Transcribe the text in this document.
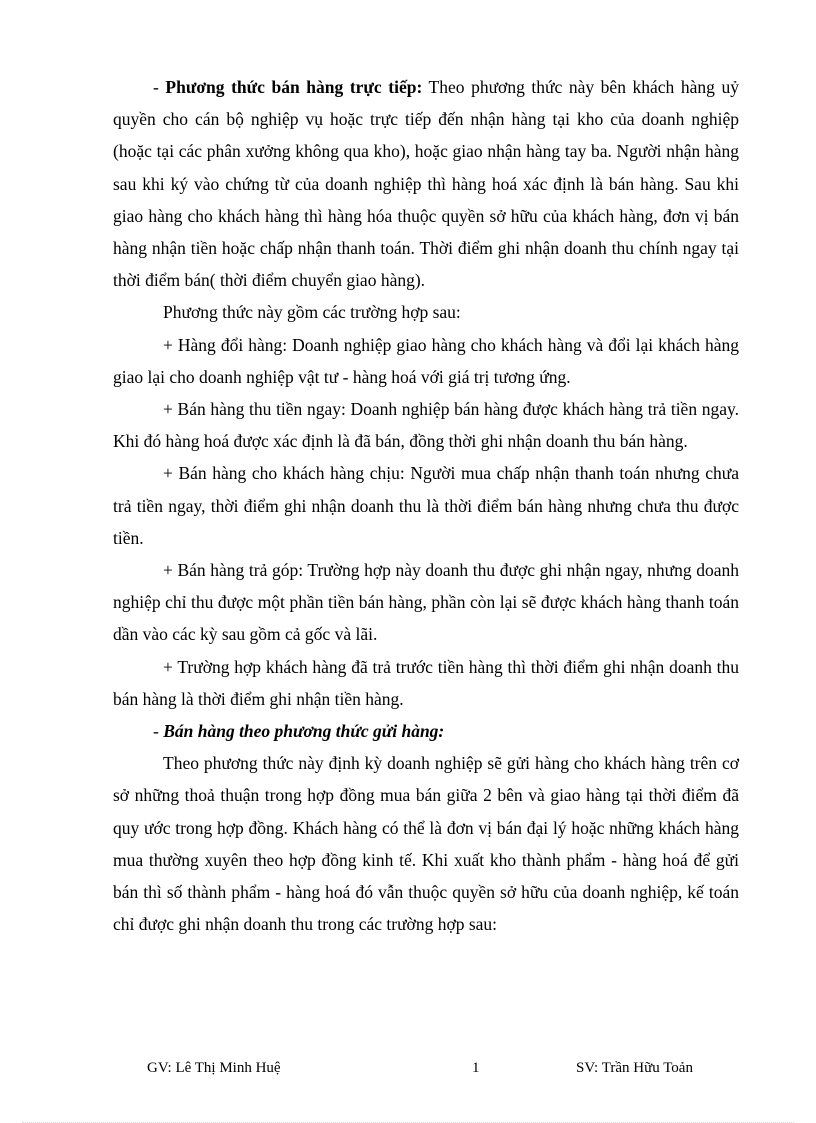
- Phương thức bán hàng trực tiếp: Theo phương thức này bên khách hàng uỷ quyền cho cán bộ nghiệp vụ hoặc trực tiếp đến nhận hàng tại kho của doanh nghiệp (hoặc tại các phân xưởng không qua kho), hoặc giao nhận hàng tay ba. Người nhận hàng sau khi ký vào chứng từ của doanh nghiệp thì hàng hoá xác định là bán hàng. Sau khi giao hàng cho khách hàng thì hàng hóa thuộc quyền sở hữu của khách hàng, đơn vị bán hàng nhận tiền hoặc chấp nhận thanh toán. Thời điểm ghi nhận doanh thu chính ngay tại thời điểm bán( thời điểm chuyển giao hàng).

Phương thức này gồm các trường hợp sau:

+ Hàng đổi hàng: Doanh nghiệp giao hàng cho khách hàng và đổi lại khách hàng giao lại cho doanh nghiệp vật tư - hàng hoá với giá trị tương ứng.

+ Bán hàng thu tiền ngay: Doanh nghiệp bán hàng được khách hàng trả tiền ngay. Khi đó hàng hoá được xác định là đã bán, đồng thời ghi nhận doanh thu bán hàng.

+ Bán hàng cho khách hàng chịu: Người mua chấp nhận thanh toán nhưng chưa trả tiền ngay, thời điểm ghi nhận doanh thu là thời điểm bán hàng nhưng chưa thu được tiền.

+ Bán hàng trả góp: Trường hợp này doanh thu được ghi nhận ngay, nhưng doanh nghiệp chỉ thu được một phần tiền bán hàng, phần còn lại sẽ được khách hàng thanh toán dần vào các kỳ sau gồm cả gốc và lãi.

+ Trường hợp khách hàng đã trả trước tiền hàng thì thời điểm ghi nhận doanh thu bán hàng là thời điểm ghi nhận tiền hàng.

- Bán hàng theo phương thức gửi hàng:

Theo phương thức này định kỳ doanh nghiệp sẽ gửi hàng cho khách hàng trên cơ sở những thoả thuận trong hợp đồng mua bán giữa 2 bên và giao hàng tại thời điểm đã quy ước trong hợp đồng. Khách hàng có thể là đơn vị bán đại lý hoặc những khách hàng mua thường xuyên theo hợp đồng kinh tế. Khi xuất kho thành phẩm - hàng hoá để gửi bán thì số thành phẩm - hàng hoá đó vẫn thuộc quyền sở hữu của doanh nghiệp, kế toán chỉ được ghi nhận doanh thu trong các trường hợp sau:

GV: Lê Thị Minh Huệ	1	SV: Trần Hữu Toản
